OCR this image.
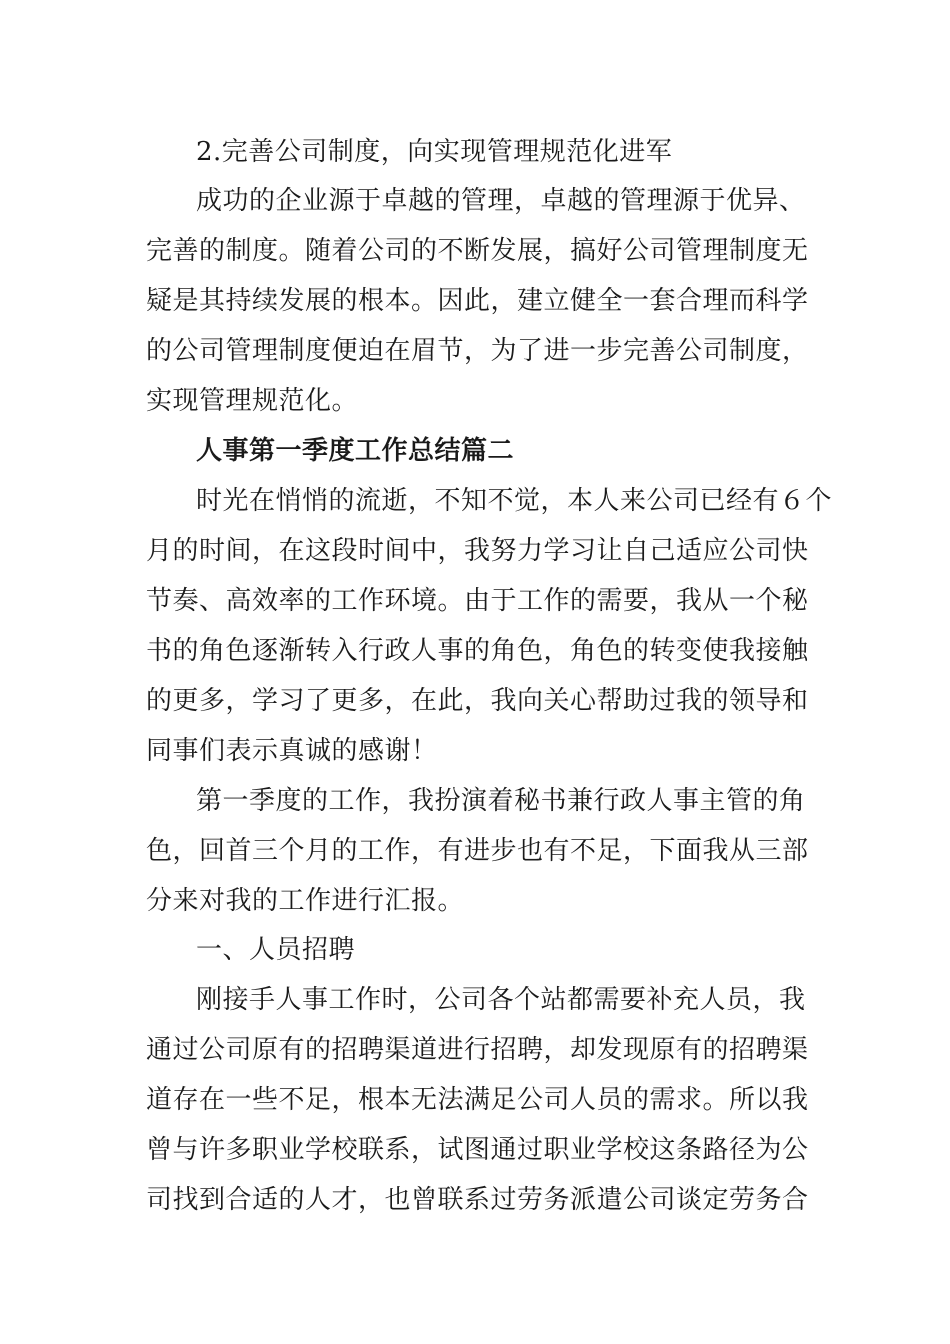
2.完善公司制度，向实现管理规范化进军
成功的企业源于卓越的管理，卓越的管理源于优异、
完善的制度。随着公司的不断发展，搞好公司管理制度无
疑是其持续发展的根本。因此，建立健全一套合理而科学
的公司管理制度便迫在眉节，为了进一步完善公司制度，
实现管理规范化。
人事第一季度工作总结篇二
时光在悄悄的流逝，不知不觉，本人来公司已经有６个
月的时间，在这段时间中，我努力学习让自己适应公司快
节奏、高效率的工作环境。由于工作的需要，我从一个秘
书的角色逐渐转入行政人事的角色，角色的转变使我接触
的更多，学习了更多，在此，我向关心帮助过我的领导和
同事们表示真诚的感谢！
第一季度的工作，我扮演着秘书兼行政人事主管的角
色，回首三个月的工作，有进步也有不足，下面我从三部
分来对我的工作进行汇报。
一、人员招聘
刚接手人事工作时，公司各个站都需要补充人员，我
通过公司原有的招聘渠道进行招聘，却发现原有的招聘渠
道存在一些不足，根本无法满足公司人员的需求。所以我
曾与许多职业学校联系，试图通过职业学校这条路径为公
司找到合适的人才，也曾联系过劳务派遣公司谈定劳务合
